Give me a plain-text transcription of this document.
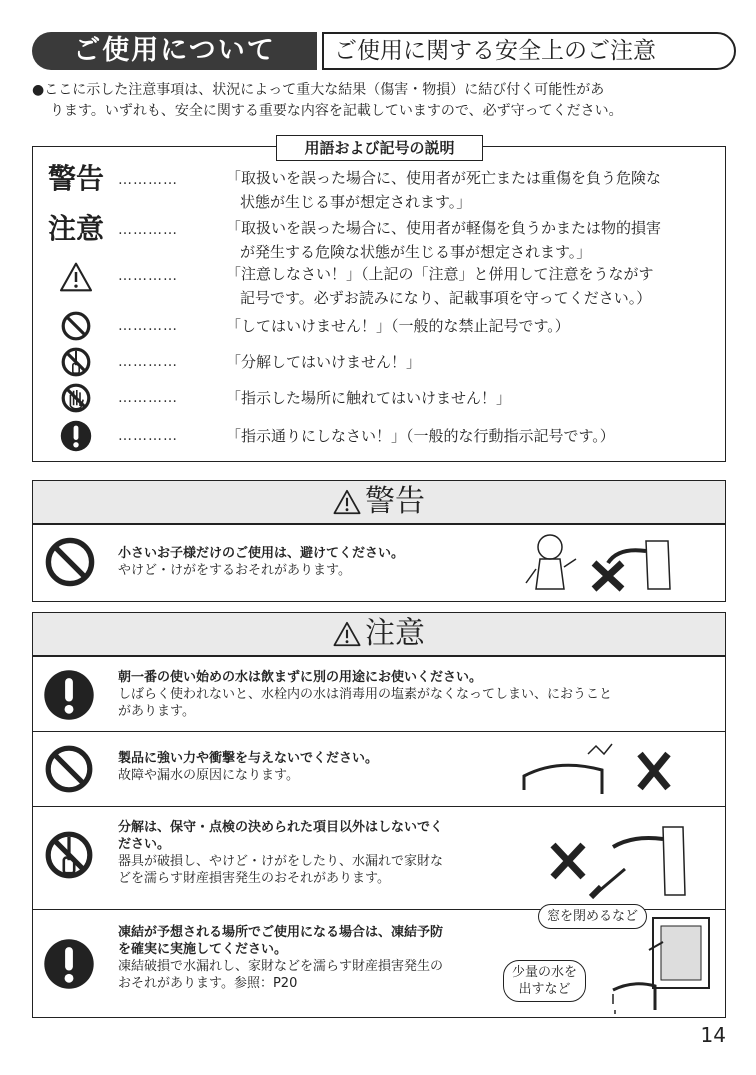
ご使用について	ご使用に関する安全上のご注意
●ここに示した注意事項は、状況によって重大な結果（傷害・物損）に結び付く可能性があ
ります。いずれも、安全に関する重要な内容を記載していますので、必ず守ってください。
用語および記号の説明
警告	…………	「取扱いを誤った場合に、使用者が死亡または重傷を負う危険な
状態が生じる事が想定されます。」
注意	…………	「取扱いを誤った場合に、使用者が軽傷を負うかまたは物的損害
が発生する危険な状態が生じる事が想定されます。」
…………	「注意しなさい！」（上記の「注意」と併用して注意をうながす
記号です。必ずお読みになり、記載事項を守ってください。）
…………	「してはいけません！」（一般的な禁止記号です。）
…………	「分解してはいけません！」
…………	「指示した場所に触れてはいけません！」
…………	「指示通りにしなさい！」（一般的な行動指示記号です。）
警告
小さいお子様だけのご使用は、避けてください。
やけど・けがをするおそれがあります。
注意
朝一番の使い始めの水は飲まずに別の用途にお使いください。
しばらく使われないと、水栓内の水は消毒用の塩素がなくなってしまい、におうこと
があります。
製品に強い力や衝撃を与えないでください。
故障や漏水の原因になります。
分解は、保守・点検の決められた項目以外はしないでく
ださい。
器具が破損し、やけど・けがをしたり、水漏れで家財な
どを濡らす財産損害発生のおそれがあります。
凍結が予想される場所でご使用になる場合は、凍結予防
を確実に実施してください。
凍結破損で水漏れし、家財などを濡らす財産損害発生の
おそれがあります。参照：P20
窓を閉めるなど
少量の水を
出すなど
14
